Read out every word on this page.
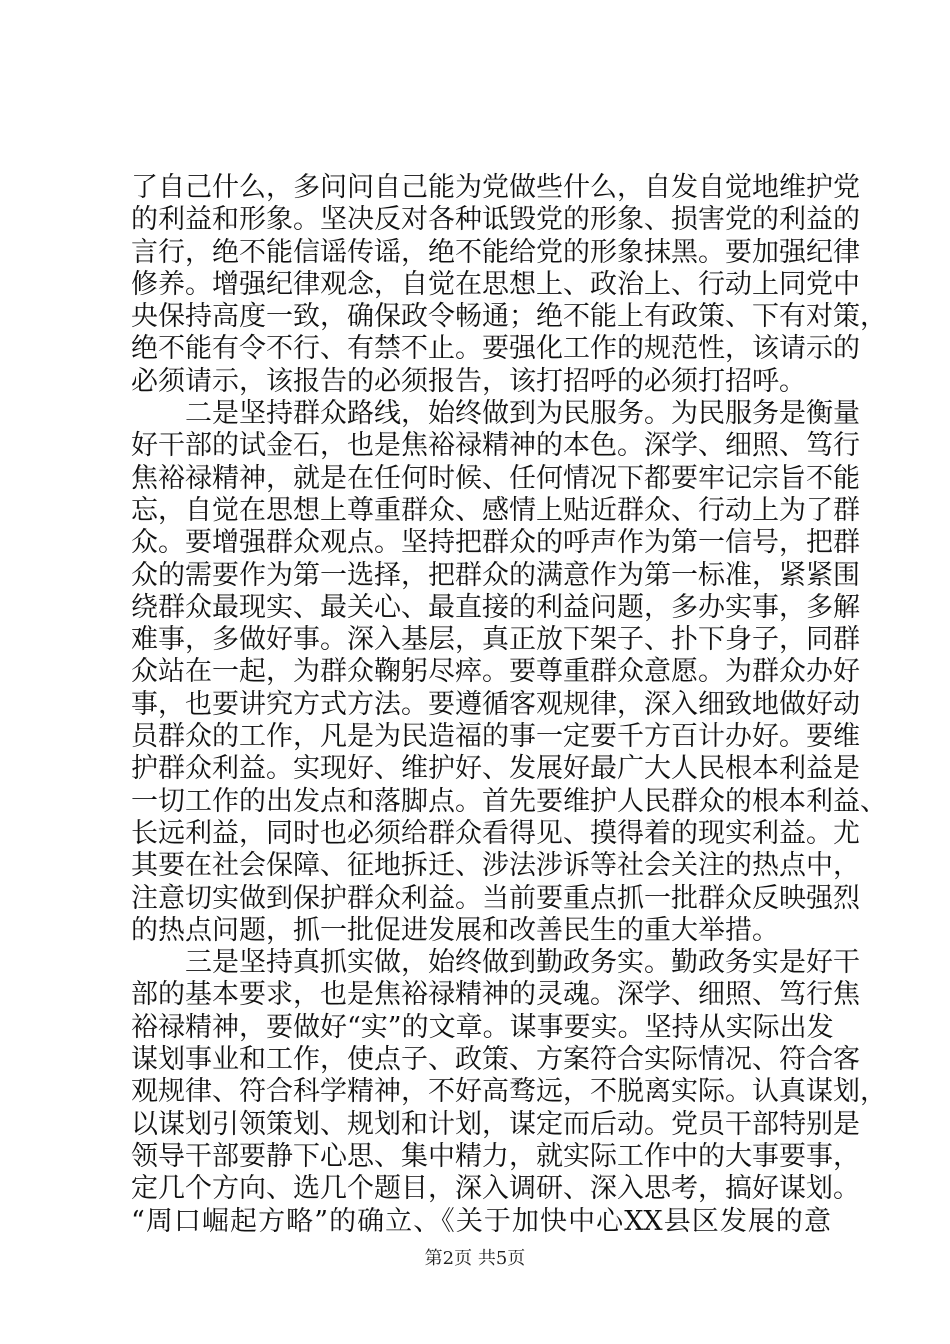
了自己什么，多问问自己能为党做些什么，自发自觉地维护党
的利益和形象。坚决反对各种诋毁党的形象、损害党的利益的
言行，绝不能信谣传谣，绝不能给党的形象抹黑。要加强纪律
修养。增强纪律观念，自觉在思想上、政治上、行动上同党中
央保持高度一致，确保政令畅通；绝不能上有政策、下有对策，
绝不能有令不行、有禁不止。要强化工作的规范性，该请示的
必须请示，该报告的必须报告，该打招呼的必须打招呼。
　　二是坚持群众路线，始终做到为民服务。为民服务是衡量
好干部的试金石，也是焦裕禄精神的本色。深学、细照、笃行
焦裕禄精神，就是在任何时候、任何情况下都要牢记宗旨不能
忘，自觉在思想上尊重群众、感情上贴近群众、行动上为了群
众。要增强群众观点。坚持把群众的呼声作为第一信号，把群
众的需要作为第一选择，把群众的满意作为第一标准，紧紧围
绕群众最现实、最关心、最直接的利益问题，多办实事，多解
难事，多做好事。深入基层，真正放下架子、扑下身子，同群
众站在一起，为群众鞠躬尽瘁。要尊重群众意愿。为群众办好
事，也要讲究方式方法。要遵循客观规律，深入细致地做好动
员群众的工作，凡是为民造福的事一定要千方百计办好。要维
护群众利益。实现好、维护好、发展好最广大人民根本利益是
一切工作的出发点和落脚点。首先要维护人民群众的根本利益、
长远利益，同时也必须给群众看得见、摸得着的现实利益。尤
其要在社会保障、征地拆迁、涉法涉诉等社会关注的热点中，
注意切实做到保护群众利益。当前要重点抓一批群众反映强烈
的热点问题，抓一批促进发展和改善民生的重大举措。
　　三是坚持真抓实做，始终做到勤政务实。勤政务实是好干
部的基本要求，也是焦裕禄精神的灵魂。深学、细照、笃行焦
裕禄精神，要做好“实”的文章。谋事要实。坚持从实际出发
谋划事业和工作，使点子、政策、方案符合实际情况、符合客
观规律、符合科学精神，不好高骛远，不脱离实际。认真谋划，
以谋划引领策划、规划和计划，谋定而后动。党员干部特别是
领导干部要静下心思、集中精力，就实际工作中的大事要事，
定几个方向、选几个题目，深入调研、深入思考，搞好谋划。
“周口崛起方略”的确立、《关于加快中心XX县区发展的意
第2页 共5页
